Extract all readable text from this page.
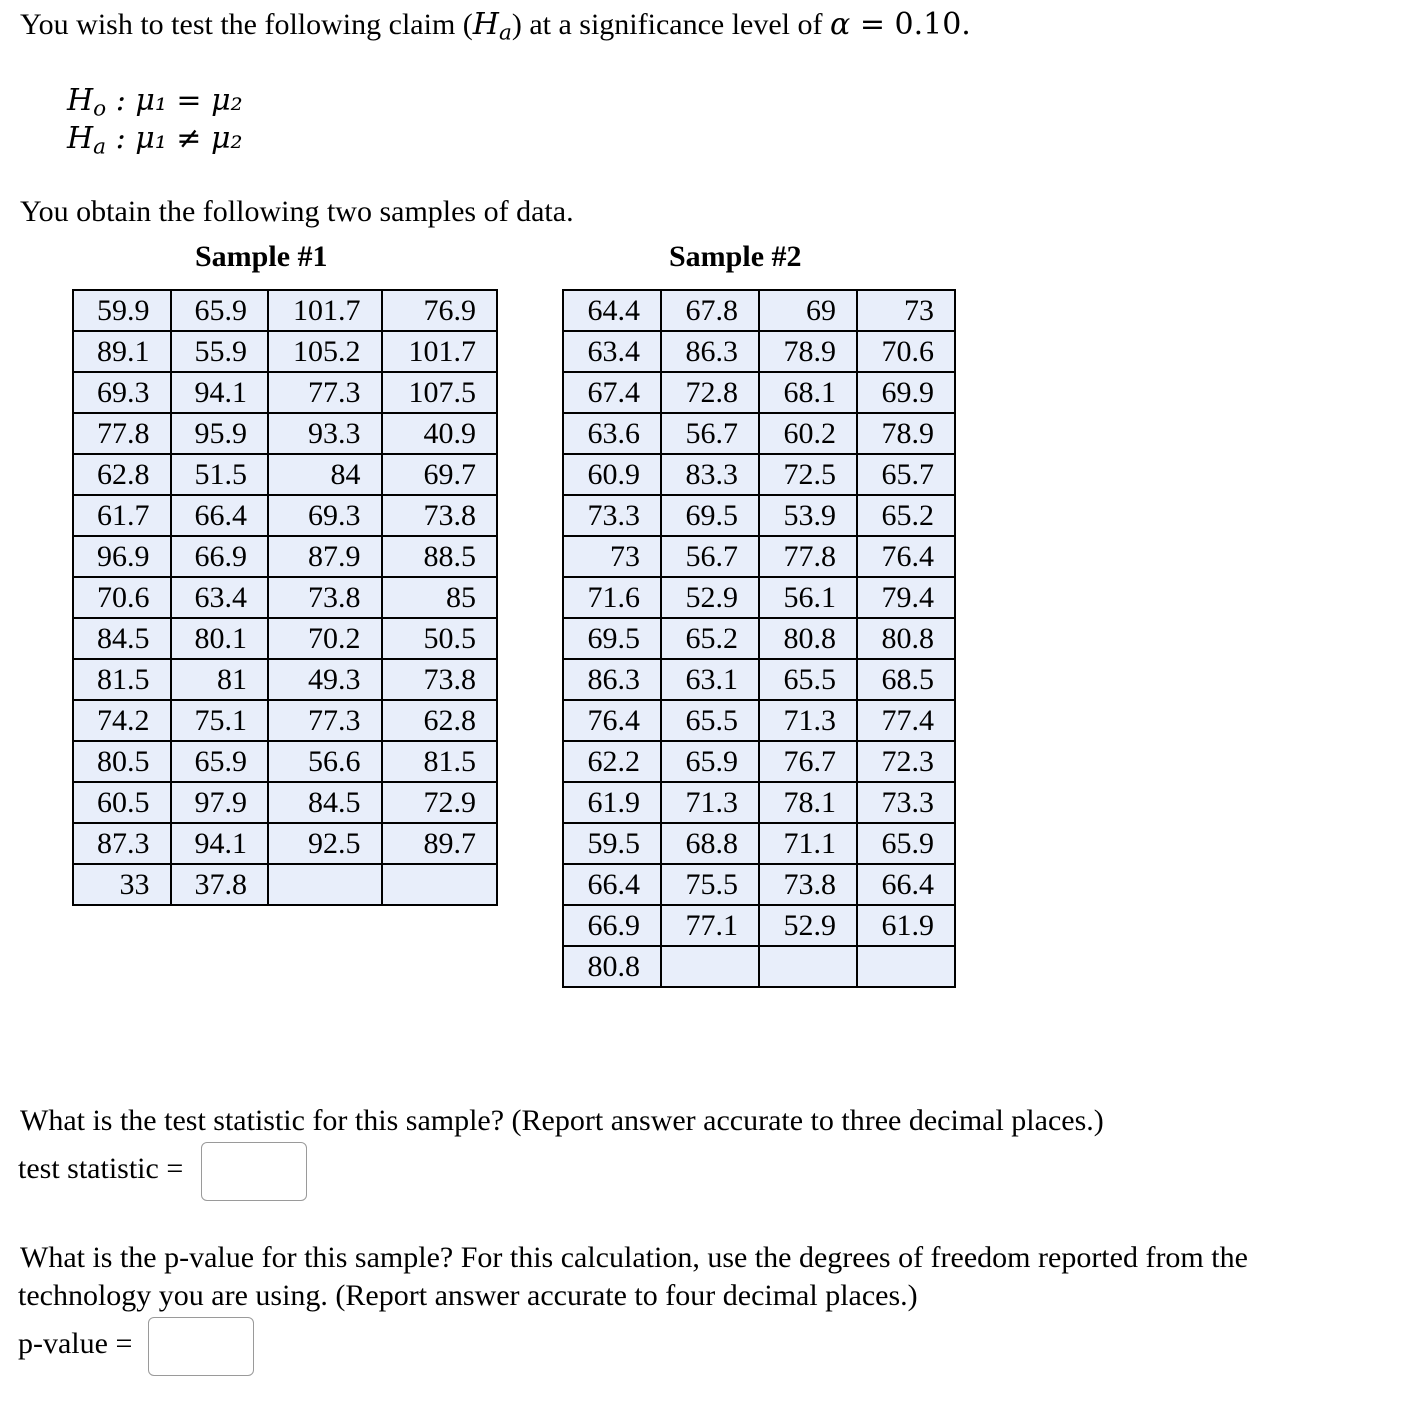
You wish to test the following claim $(H_a)$ at a significance level of α = 0.10.
$H_o$ : μ₁ = μ₂
$H_a$ : μ₁ ≠ μ₂
You obtain the following two samples of data.
Sample #1	Sample #2
59.9	65.9	101.7	76.9
89.1	55.9	105.2	101.7
69.3	94.1	77.3	107.5
77.8	95.9	93.3	40.9
62.8	51.5	84	69.7
61.7	66.4	69.3	73.8
96.9	66.9	87.9	88.5
70.6	63.4	73.8	85
84.5	80.1	70.2	50.5
81.5	81	49.3	73.8
74.2	75.1	77.3	62.8
80.5	65.9	56.6	81.5
60.5	97.9	84.5	72.9
87.3	94.1	92.5	89.7
33	37.8		
64.4	67.8	69	73
63.4	86.3	78.9	70.6
67.4	72.8	68.1	69.9
63.6	56.7	60.2	78.9
60.9	83.3	72.5	65.7
73.3	69.5	53.9	65.2
73	56.7	77.8	76.4
71.6	52.9	56.1	79.4
69.5	65.2	80.8	80.8
86.3	63.1	65.5	68.5
76.4	65.5	71.3	77.4
62.2	65.9	76.7	72.3
61.9	71.3	78.1	73.3
59.5	68.8	71.1	65.9
66.4	75.5	73.8	66.4
66.9	77.1	52.9	61.9
80.8			
What is the test statistic for this sample? (Report answer accurate to three decimal places.)
test statistic =
What is the p-value for this sample? For this calculation, use the degrees of freedom reported from the
technology you are using. (Report answer accurate to four decimal places.)
p-value =
